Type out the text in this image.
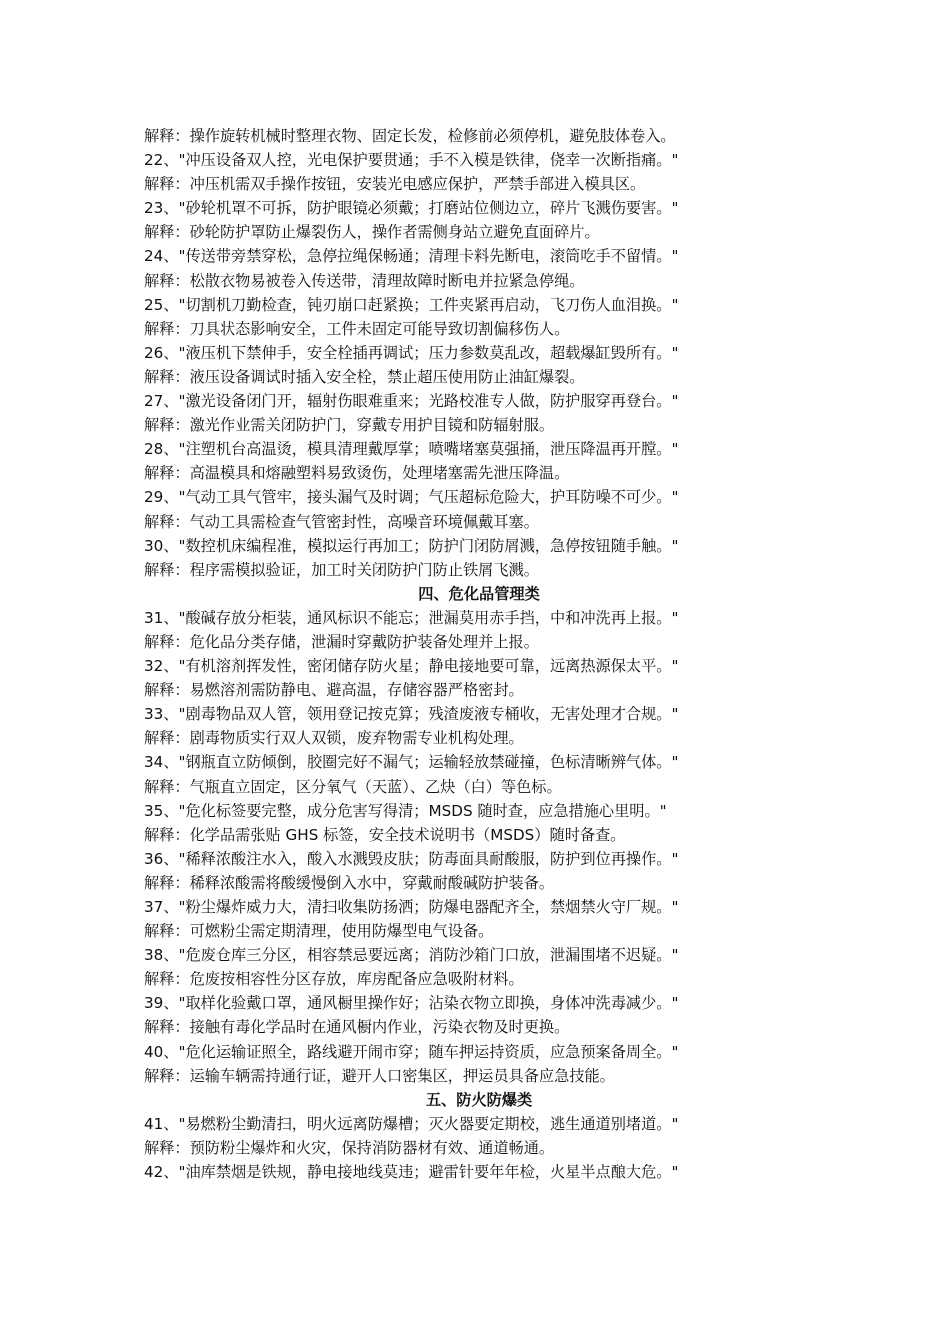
解释：操作旋转机械时整理衣物、固定长发，检修前必须停机，避免肢体卷入。
22、"冲压设备双人控，光电保护要贯通；手不入模是铁律，侥幸一次断指痛。"
解释：冲压机需双手操作按钮，安装光电感应保护，严禁手部进入模具区。
23、"砂轮机罩不可拆，防护眼镜必须戴；打磨站位侧边立，碎片飞溅伤要害。"
解释：砂轮防护罩防止爆裂伤人，操作者需侧身站立避免直面碎片。
24、"传送带旁禁穿松，急停拉绳保畅通；清理卡料先断电，滚筒吃手不留情。"
解释：松散衣物易被卷入传送带，清理故障时断电并拉紧急停绳。
25、"切割机刀勤检查，钝刃崩口赶紧换；工件夹紧再启动，飞刀伤人血泪换。"
解释：刀具状态影响安全，工件未固定可能导致切割偏移伤人。
26、"液压机下禁伸手，安全栓插再调试；压力参数莫乱改，超载爆缸毁所有。"
解释：液压设备调试时插入安全栓，禁止超压使用防止油缸爆裂。
27、"激光设备闭门开，辐射伤眼难重来；光路校准专人做，防护服穿再登台。"
解释：激光作业需关闭防护门，穿戴专用护目镜和防辐射服。
28、"注塑机台高温烫，模具清理戴厚掌；喷嘴堵塞莫强捅，泄压降温再开膛。"
解释：高温模具和熔融塑料易致烫伤，处理堵塞需先泄压降温。
29、"气动工具气管牢，接头漏气及时调；气压超标危险大，护耳防噪不可少。"
解释：气动工具需检查气管密封性，高噪音环境佩戴耳塞。
30、"数控机床编程准，模拟运行再加工；防护门闭防屑溅，急停按钮随手触。"
解释：程序需模拟验证，加工时关闭防护门防止铁屑飞溅。
四、危化品管理类
31、"酸碱存放分柜装，通风标识不能忘；泄漏莫用赤手挡，中和冲洗再上报。"
解释：危化品分类存储，泄漏时穿戴防护装备处理并上报。
32、"有机溶剂挥发性，密闭储存防火星；静电接地要可靠，远离热源保太平。"
解释：易燃溶剂需防静电、避高温，存储容器严格密封。
33、"剧毒物品双人管，领用登记按克算；残渣废液专桶收，无害处理才合规。"
解释：剧毒物质实行双人双锁，废弃物需专业机构处理。
34、"钢瓶直立防倾倒，胶圈完好不漏气；运输轻放禁碰撞，色标清晰辨气体。"
解释：气瓶直立固定，区分氧气（天蓝）、乙炔（白）等色标。
35、"危化标签要完整，成分危害写得清；MSDS 随时查，应急措施心里明。"
解释：化学品需张贴 GHS 标签，安全技术说明书（MSDS）随时备查。
36、"稀释浓酸注水入，酸入水溅毁皮肤；防毒面具耐酸服，防护到位再操作。"
解释：稀释浓酸需将酸缓慢倒入水中，穿戴耐酸碱防护装备。
37、"粉尘爆炸威力大，清扫收集防扬洒；防爆电器配齐全，禁烟禁火守厂规。"
解释：可燃粉尘需定期清理，使用防爆型电气设备。
38、"危废仓库三分区，相容禁忌要远离；消防沙箱门口放，泄漏围堵不迟疑。"
解释：危废按相容性分区存放，库房配备应急吸附材料。
39、"取样化验戴口罩，通风橱里操作好；沾染衣物立即换，身体冲洗毒减少。"
解释：接触有毒化学品时在通风橱内作业，污染衣物及时更换。
40、"危化运输证照全，路线避开闹市穿；随车押运持资质，应急预案备周全。"
解释：运输车辆需持通行证，避开人口密集区，押运员具备应急技能。
五、防火防爆类
41、"易燃粉尘勤清扫，明火远离防爆槽；灭火器要定期校，逃生通道别堵道。"
解释：预防粉尘爆炸和火灾，保持消防器材有效、通道畅通。
42、"油库禁烟是铁规，静电接地线莫违；避雷针要年年检，火星半点酿大危。"
